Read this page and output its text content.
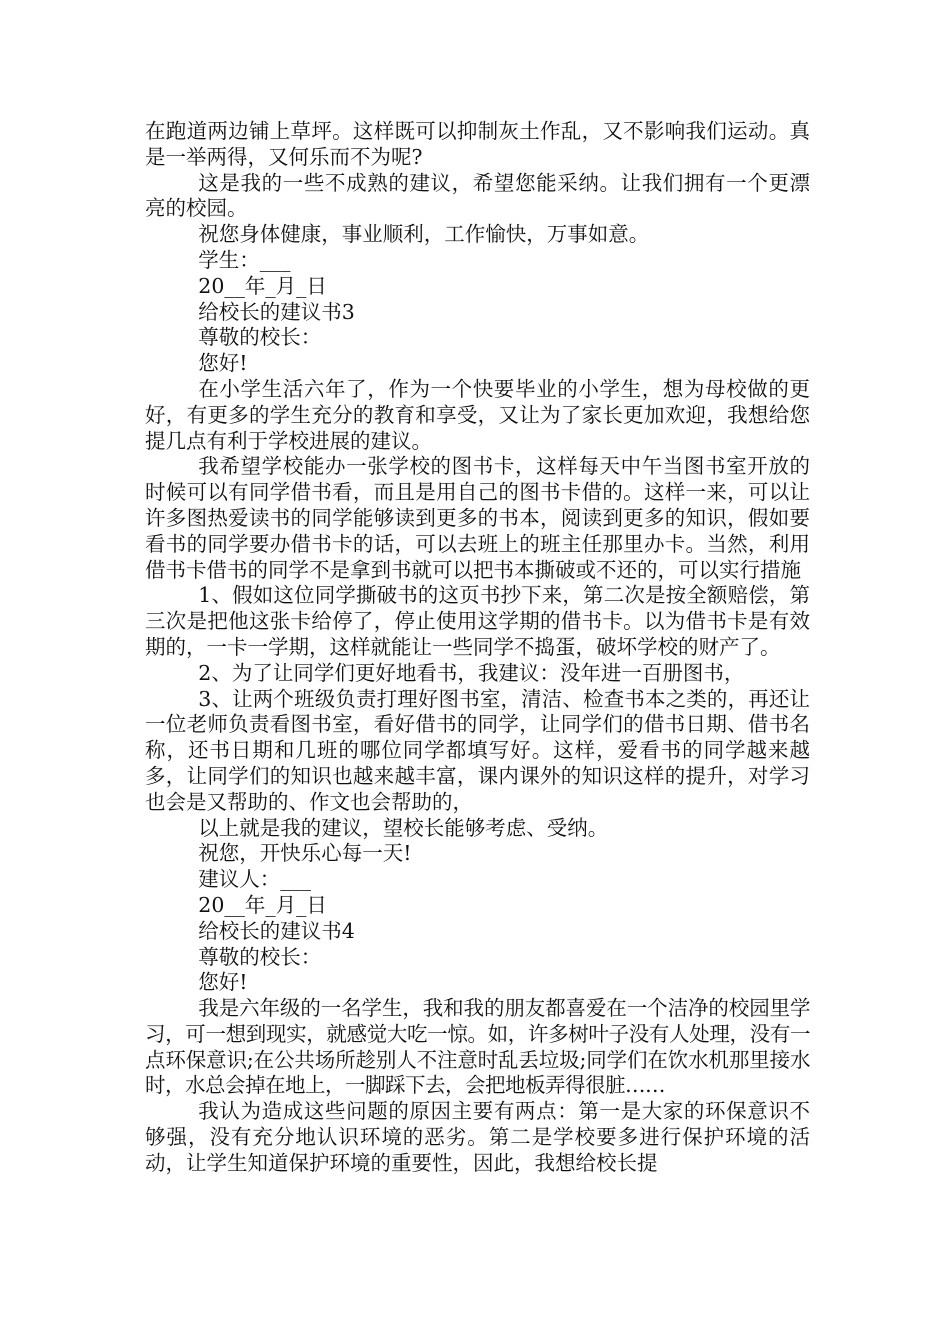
在跑道两边铺上草坪。这样既可以抑制灰土作乱，又不影响我们运动。真是一举两得，又何乐而不为呢?

这是我的一些不成熟的建议，希望您能采纳。让我们拥有一个更漂亮的校园。

祝您身体健康，事业顺利，工作愉快，万事如意。

学生：___

20__年_月_日

给校长的建议书3

尊敬的校长：

您好!

在小学生活六年了，作为一个快要毕业的小学生，想为母校做的更好，有更多的学生充分的教育和享受，又让为了家长更加欢迎，我想给您提几点有利于学校进展的建议。

我希望学校能办一张学校的图书卡，这样每天中午当图书室开放的时候可以有同学借书看，而且是用自己的图书卡借的。这样一来，可以让许多图热爱读书的同学能够读到更多的书本，阅读到更多的知识，假如要看书的同学要办借书卡的话，可以去班上的班主任那里办卡。当然，利用借书卡借书的同学不是拿到书就可以把书本撕破或不还的，可以实行措施

1、假如这位同学撕破书的这页书抄下来，第二次是按全额赔偿，第三次是把他这张卡给停了，停止使用这学期的借书卡。以为借书卡是有效期的，一卡一学期，这样就能让一些同学不捣蛋，破坏学校的财产了。

2、为了让同学们更好地看书，我建议：没年进一百册图书，

3、让两个班级负责打理好图书室，清洁、检查书本之类的，再还让一位老师负责看图书室，看好借书的同学，让同学们的借书日期、借书名称，还书日期和几班的哪位同学都填写好。这样，爱看书的同学越来越多，让同学们的知识也越来越丰富，课内课外的知识这样的提升，对学习也会是又帮助的、作文也会帮助的，

以上就是我的建议，望校长能够考虑、受纳。

祝您，开快乐心每一天!

建议人：___

20__年_月_日

给校长的建议书4

尊敬的校长：

您好!

我是六年级的一名学生，我和我的朋友都喜爱在一个洁净的校园里学习，可一想到现实，就感觉大吃一惊。如，许多树叶子没有人处理，没有一点环保意识;在公共场所趁别人不注意时乱丢垃圾;同学们在饮水机那里接水时，水总会掉在地上，一脚踩下去，会把地板弄得很脏……

我认为造成这些问题的原因主要有两点：第一是大家的环保意识不够强，没有充分地认识环境的恶劣。第二是学校要多进行保护环境的活动，让学生知道保护环境的重要性，因此，我想给校长提
